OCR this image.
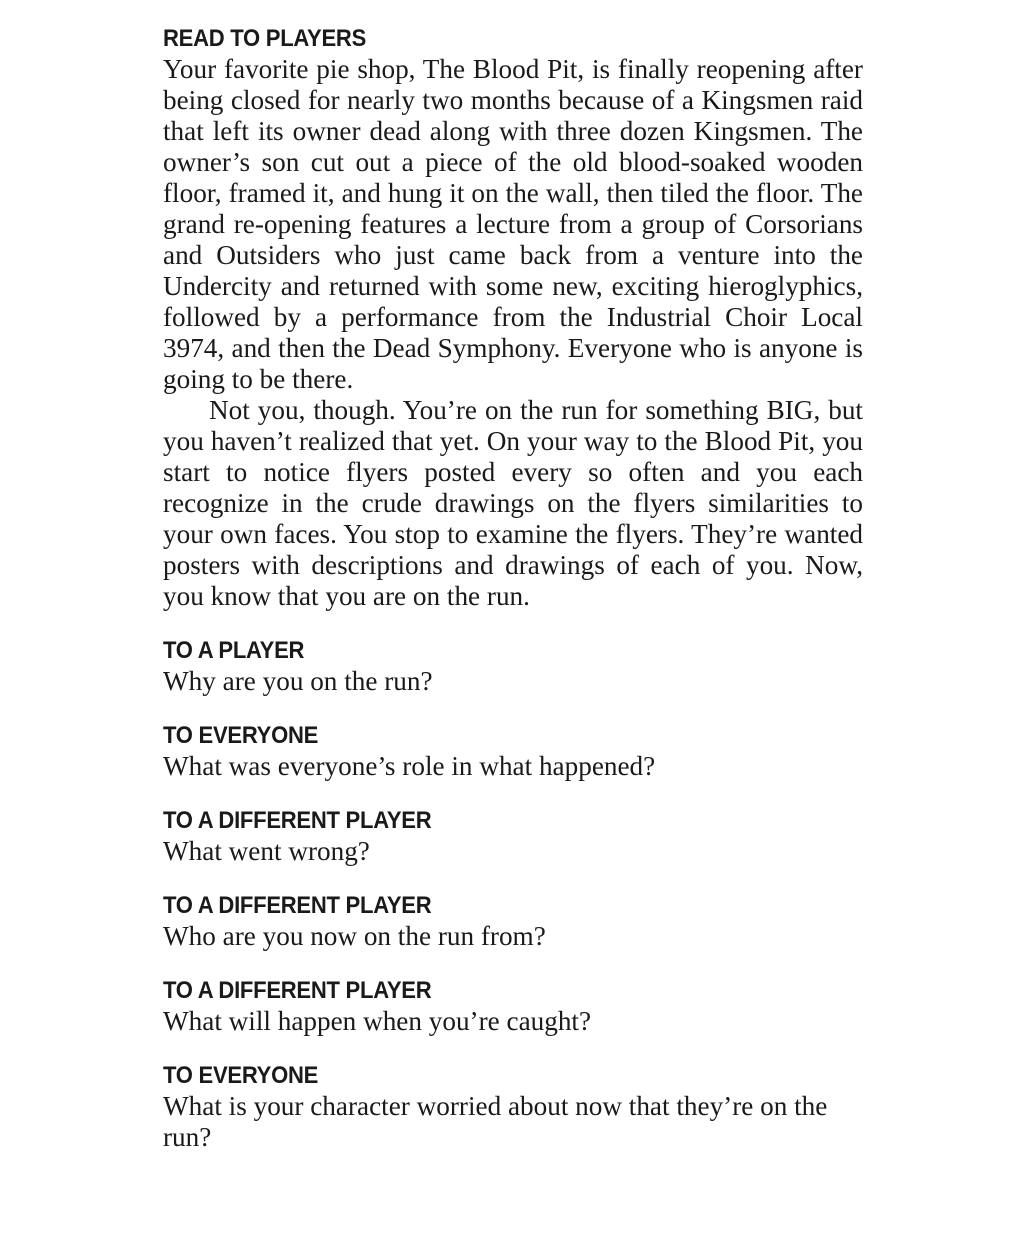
READ TO PLAYERS

Your favorite pie shop, The Blood Pit, is finally reopening after being closed for nearly two months because of a Kingsmen raid that left its owner dead along with three dozen Kingsmen. The owner’s son cut out a piece of the old blood-soaked wooden floor, framed it, and hung it on the wall, then tiled the floor. The grand re-opening features a lecture from a group of Corsorians and Outsiders who just came back from a venture into the Undercity and returned with some new, exciting hieroglyphics, followed by a performance from the Industrial Choir Local 3974, and then the Dead Symphony. Everyone who is anyone is going to be there.

Not you, though. You’re on the run for something BIG, but you haven’t realized that yet. On your way to the Blood Pit, you start to notice flyers posted every so often and you each recognize in the crude drawings on the flyers similarities to your own faces. You stop to examine the flyers. They’re wanted posters with descriptions and drawings of each of you. Now, you know that you are on the run.

TO A PLAYER

Why are you on the run?

TO EVERYONE

What was everyone’s role in what happened?

TO A DIFFERENT PLAYER

What went wrong?

TO A DIFFERENT PLAYER

Who are you now on the run from?

TO A DIFFERENT PLAYER

What will happen when you’re caught?

TO EVERYONE

What is your character worried about now that they’re on the run?
